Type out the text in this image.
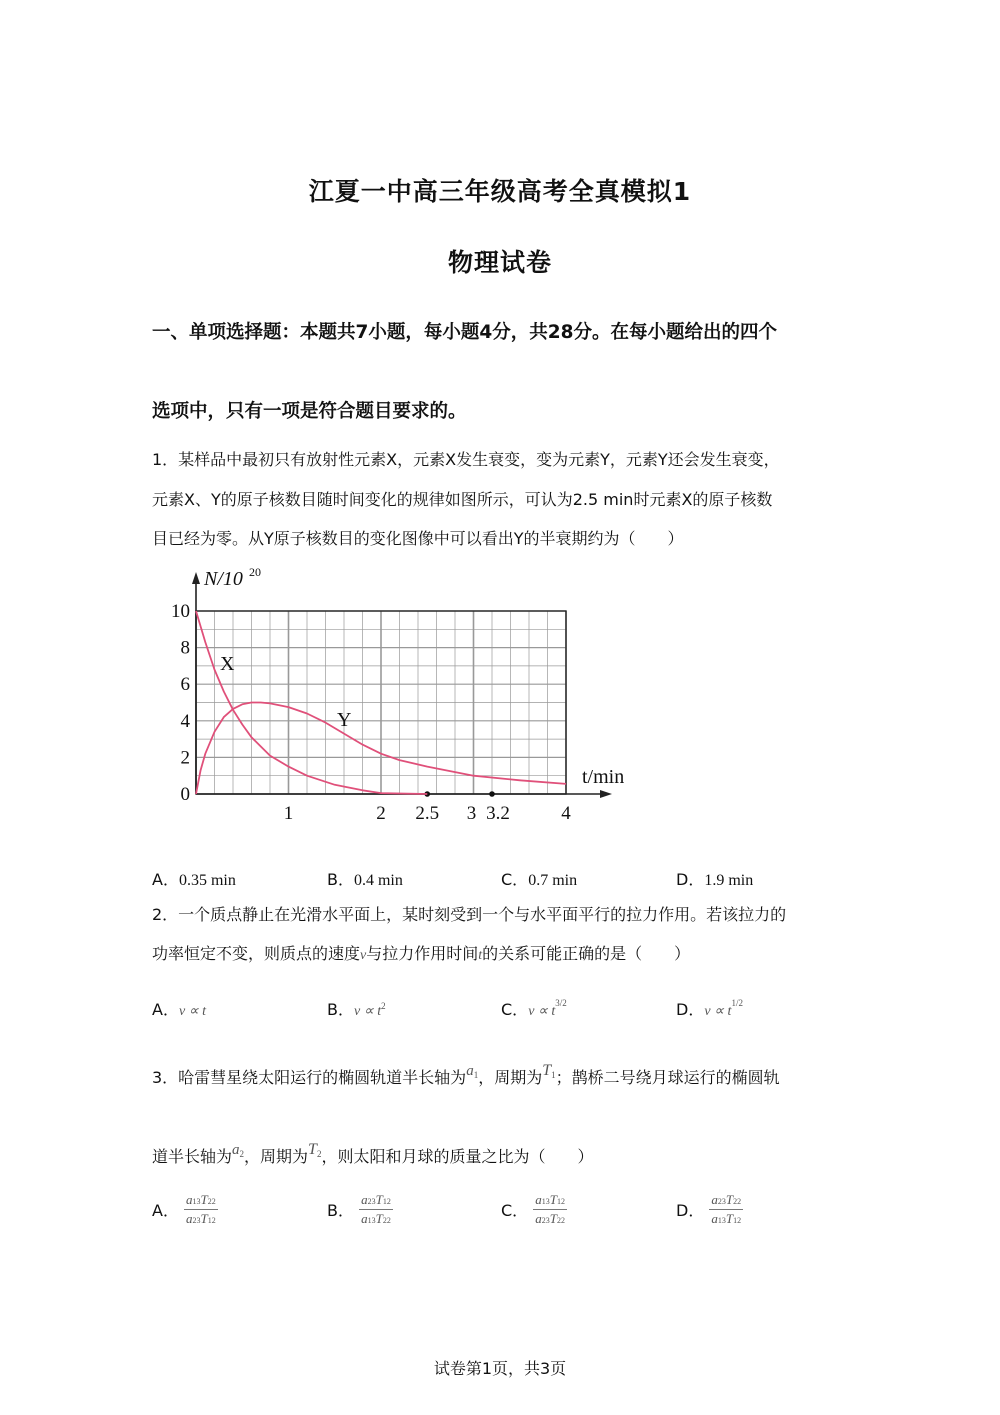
江夏一中高三年级高考全真模拟1
物理试卷
一、单项选择题：本题共7小题，每小题4分，共28分。在每小题给出的四个
选项中，只有一项是符合题目要求的。
1．某样品中最初只有放射性元素X，元素X发生衰变，变为元素Y，元素Y还会发生衰变，
元素X、Y的原子核数目随时间变化的规律如图所示，可认为2.5 min时元素X的原子核数
目已经为零。从Y原子核数目的变化图像中可以看出Y的半衰期约为（　　）
0
2
4
6
8
10
1	2 2.5 3 3.2	4
N/10 20
t/min
X
Y
A．0.35 min	B．0.4 min	C．0.7 min	D．1.9 min
2．一个质点静止在光滑水平面上，某时刻受到一个与水平面平行的拉力作用。若该拉力的
功率恒定不变，则质点的速度v与拉力作用时间t的关系可能正确的是（　　）
A．v ∝ t	B．$v \propto t^2$	C．$v \propto t^{3/2}$	D．$v \propto t^{1/2}$
3．哈雷彗星绕太阳运行的椭圆轨道半长轴为$a_1$，周期为$T_1$；鹊桥二号绕月球运行的椭圆轨
道半长轴为$a_2$，周期为$T_2$，则太阳和月球的质量之比为（　　）
A． $\frac{a13T22}{a23T12}$	B． $\frac{a23T12}{a13T22}$	C． $\frac{a13T12}{a23T22}$	D． $\frac{a23T22}{a13T12}$
试卷第1页，共3页
